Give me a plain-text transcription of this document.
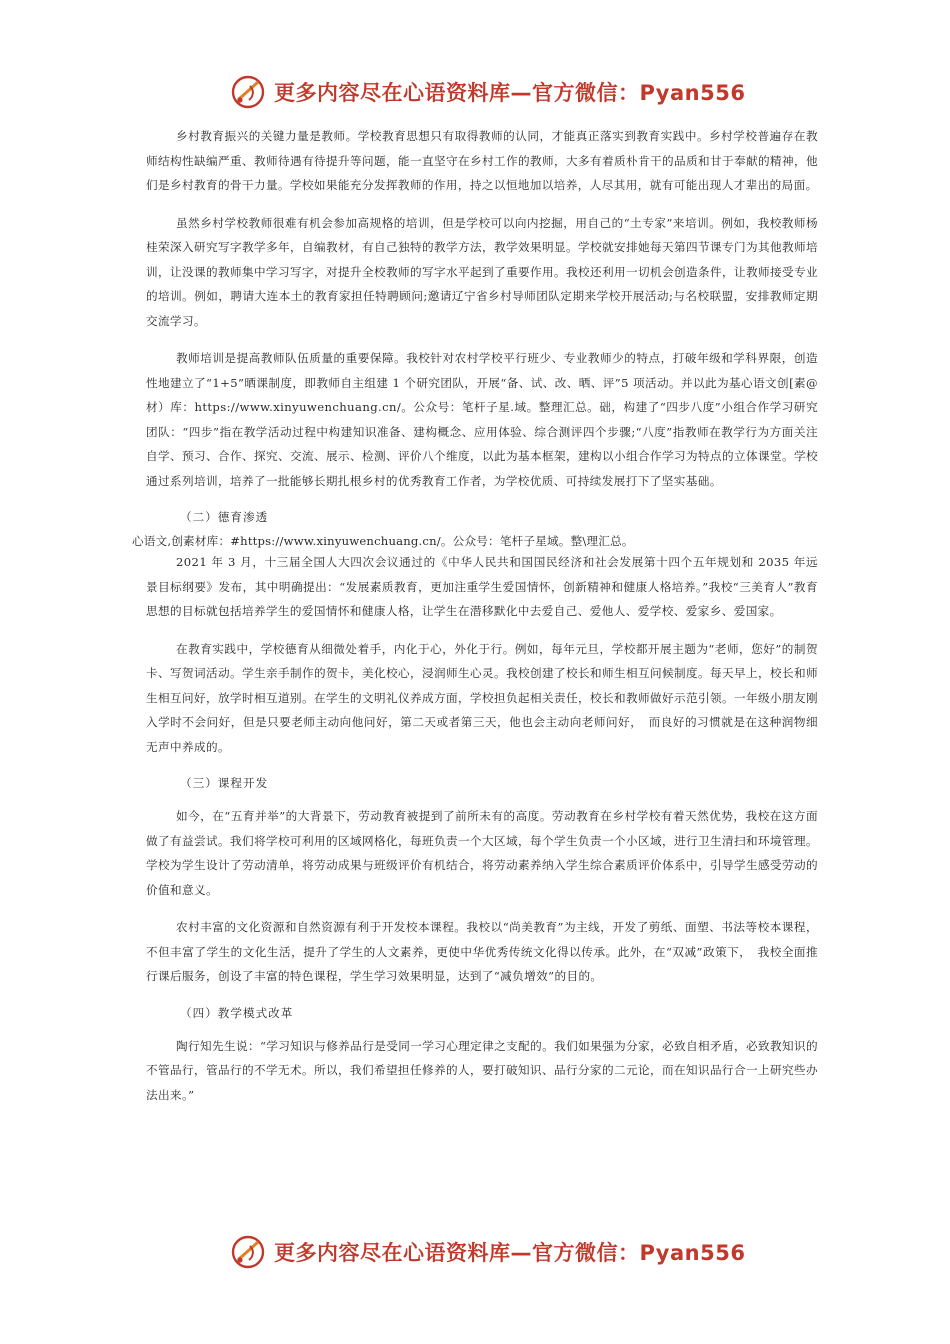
更多内容尽在心语资料库—官方微信：Pyan556

乡村教育振兴的关键力量是教师。学校教育思想只有取得教师的认同，才能真正落实到教育实践中。乡村学校普遍存在教师结构性缺编严重、教师待遇有待提升等问题，能一直坚守在乡村工作的教师，大多有着质朴肯干的品质和甘于奉献的精神，他们是乡村教育的骨干力量。学校如果能充分发挥教师的作用，持之以恒地加以培养，人尽其用，就有可能出现人才辈出的局面。

虽然乡村学校教师很难有机会参加高规格的培训，但是学校可以向内挖掘，用自己的“土专家”来培训。例如，我校教师杨桂荣深入研究写字教学多年，自编教材，有自己独特的教学方法，教学效果明显。学校就安排她每天第四节课专门为其他教师培训，让没课的教师集中学习写字，对提升全校教师的写字水平起到了重要作用。我校还利用一切机会创造条件，让教师接受专业的培训。例如，聘请大连本土的教育家担任特聘顾问;邀请辽宁省乡村导师团队定期来学校开展活动;与名校联盟，安排教师定期交流学习。

教师培训是提高教师队伍质量的重要保障。我校针对农村学校平行班少、专业教师少的特点，打破年级和学科界限，创造性地建立了“1+5”晒课制度，即教师自主组建 1 个研究团队，开展“备、试、改、晒、评”5 项活动。并以此为基心语文创[素@材）库：https://www.xinyuwenchuang.cn/。公众号：笔杆子星.域。整理汇总。础，构建了“四步八度”小组合作学习研究团队：“四步”指在教学活动过程中构建知识准备、建构概念、应用体验、综合测评四个步骤;“八度”指教师在教学行为方面关注自学、预习、合作、探究、交流、展示、检测、评价八个维度，以此为基本框架，建构以小组合作学习为特点的立体课堂。学校通过系列培训，培养了一批能够长期扎根乡村的优秀教育工作者，为学校优质、可持续发展打下了坚实基础。

（二）德育渗透

心语文,创素材库：#https://www.xinyuwenchuang.cn/。公众号：笔杆子星域。整\理汇总。

2021 年 3 月，十三届全国人大四次会议通过的《中华人民共和国国民经济和社会发展第十四个五年规划和 2035 年远景目标纲要》发布，其中明确提出：“发展素质教育，更加注重学生爱国情怀，创新精神和健康人格培养。”我校“三美育人”教育思想的目标就包括培养学生的爱国情怀和健康人格，让学生在潜移默化中去爱自己、爱他人、爱学校、爱家乡、爱国家。

在教育实践中，学校德育从细微处着手，内化于心，外化于行。例如，每年元旦，学校都开展主题为“老师，您好”的制贺卡、写贺词活动。学生亲手制作的贺卡，美化校⼼，浸润师生心灵。我校创建了校长和师生相互问候制度。每天早上，校长和师生相互问好，放学时相互道别。在学生的文明礼仪养成方面，学校担负起相关责任，校长和教师做好示范引领。一年级小朋友刚入学时不会问好，但是只要老师主动向他问好，第二天或者第三天，他也会主动向老师问好，　而良好的习惯就是在这种润物细无声中养成的。

（三）课程开发

如今，在“五育并举”的大背景下，劳动教育被提到了前所未有的高度。劳动教育在乡村学校有着天然优势，我校在这方面做了有益尝试。我们将学校可利用的区域网格化，每班负责一个大区域，每个学生负责一个小区域，进行卫生清扫和环境管理。学校为学生设计了劳动清单，将劳动成果与班级评价有机结合，将劳动素养纳入学生综合素质评价体系中，引导学生感受劳动的价值和意义。

农村丰富的文化资源和自然资源有利于开发校本课程。我校以“尚美教育”为主线，开发了剪纸、面塑、书法等校本课程，不但丰富了学生的文化生活，提升了学生的人文素养，更使中华优秀传统文化得以传承。此外，在“双减”政策下，　我校全面推行课后服务，创设了丰富的特色课程，学生学习效果明显，达到了“减负增效”的目的。

（四）教学模式改革

陶行知先生说：“学习知识与修养品行是受同一学习心理定律之支配的。我们如果强为分家，必致自相矛盾，必致教知识的不管品行，管品行的不学无术。所以，我们希望担任修养的人，要打破知识、品行分家的二元论，而在知识品行合一上研究些办法出来。”

更多内容尽在心语资料库—官方微信：Pyan556
